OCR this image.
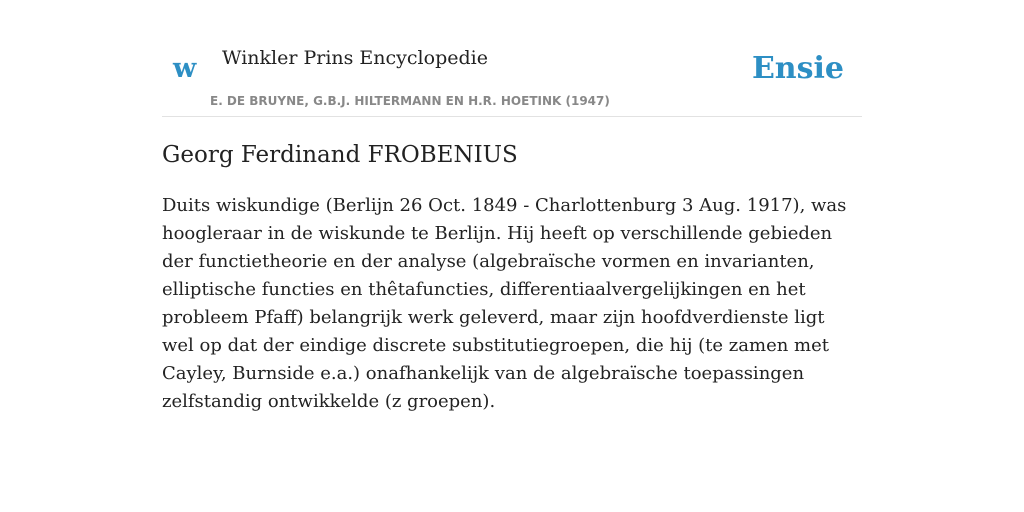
w Winkler Prins Encyclopedie
E. DE BRUYNE, G.B.J. HILTERMANN EN H.R. HOETINK (1947)
Ensie
Georg Ferdinand FROBENIUS

Duits wiskundige (Berlijn 26 Oct. 1849 - Charlottenburg 3 Aug. 1917), was hoogleraar in de wiskunde te Berlijn. Hij heeft op verschillende gebieden der functietheorie en der analyse (algebraïsche vormen en invarianten, elliptische functies en thêtafuncties, differentiaalvergelijkingen en het probleem Pfaff) belangrijk werk geleverd, maar zijn hoofdverdienste ligt wel op dat der eindige discrete substitutiegroepen, die hij (te zamen met Cayley, Burnside e.a.) onafhankelijk van de algebraïsche toepassingen zelfstandig ontwikkelde (z groepen).
